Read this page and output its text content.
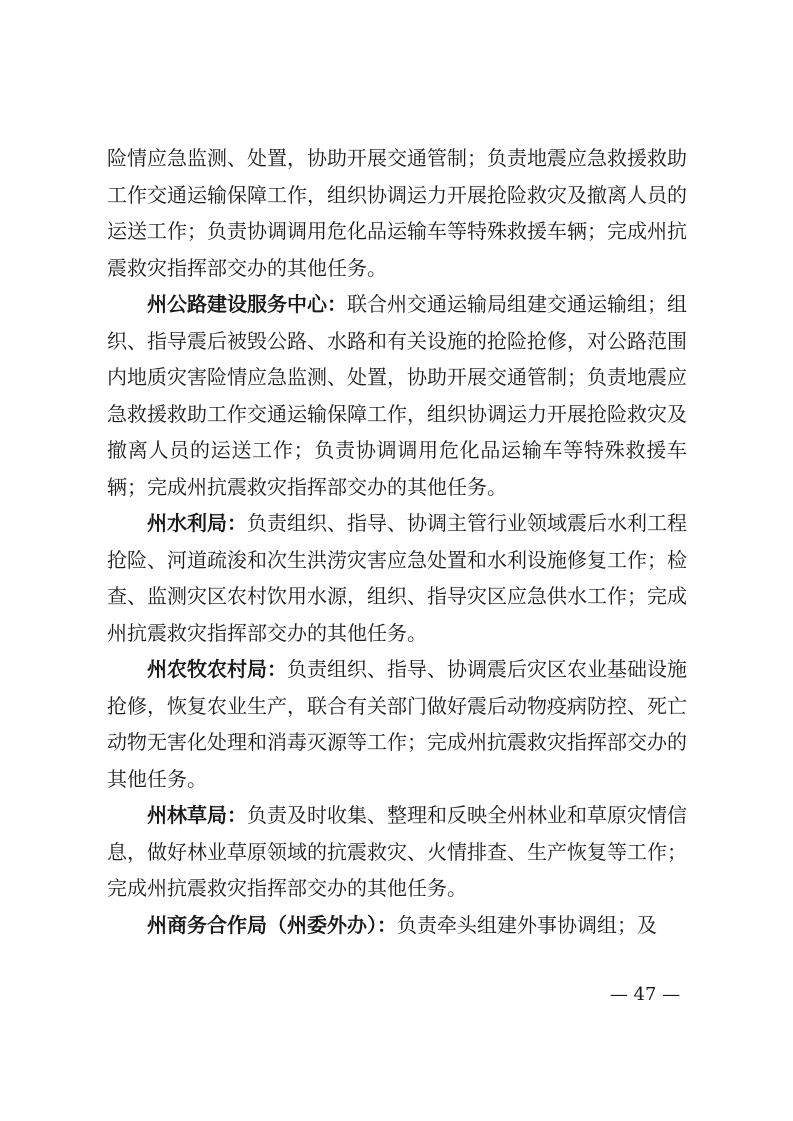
险情应急监测、处置，协助开展交通管制；负责地震应急救援救助工作交通运输保障工作，组织协调运力开展抢险救灾及撤离人员的运送工作；负责协调调用危化品运输车等特殊救援车辆；完成州抗震救灾指挥部交办的其他任务。

州公路建设服务中心：联合州交通运输局组建交通运输组；组织、指导震后被毁公路、水路和有关设施的抢险抢修，对公路范围内地质灾害险情应急监测、处置，协助开展交通管制；负责地震应急救援救助工作交通运输保障工作，组织协调运力开展抢险救灾及撤离人员的运送工作；负责协调调用危化品运输车等特殊救援车辆；完成州抗震救灾指挥部交办的其他任务。

州水利局：负责组织、指导、协调主管行业领域震后水利工程抢险、河道疏浚和次生洪涝灾害应急处置和水利设施修复工作；检查、监测灾区农村饮用水源，组织、指导灾区应急供水工作；完成州抗震救灾指挥部交办的其他任务。

州农牧农村局：负责组织、指导、协调震后灾区农业基础设施抢修，恢复农业生产，联合有关部门做好震后动物疫病防控、死亡动物无害化处理和消毒灭源等工作；完成州抗震救灾指挥部交办的其他任务。

州林草局：负责及时收集、整理和反映全州林业和草原灾情信息，做好林业草原领域的抗震救灾、火情排查、生产恢复等工作；完成州抗震救灾指挥部交办的其他任务。

州商务合作局（州委外办）：负责牵头组建外事协调组；及

— 47 —
